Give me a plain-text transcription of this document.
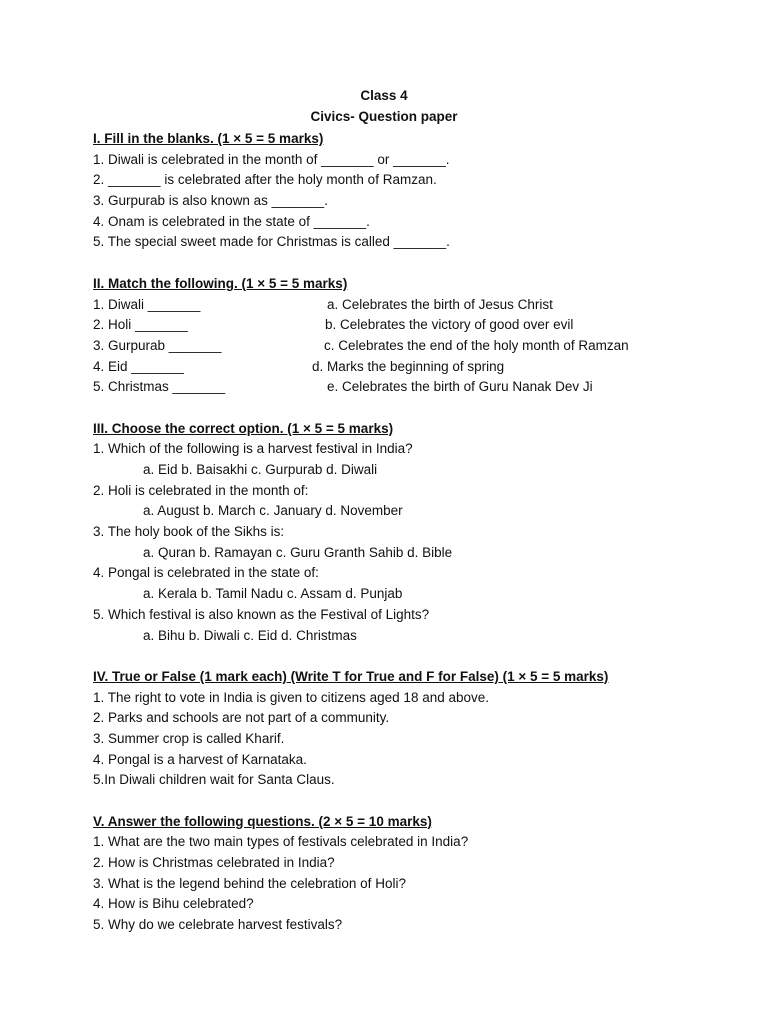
Class 4
Civics- Question paper
I. Fill in the blanks. (1 × 5 = 5 marks)
1. Diwali is celebrated in the month of _______ or _______.
2. _______ is celebrated after the holy month of Ramzan.
3. Gurpurab is also known as _______.
4. Onam is celebrated in the state of _______.
5. The special sweet made for Christmas is called _______.
II. Match the following. (1 × 5 = 5 marks)
1. Diwali _______	a. Celebrates the birth of Jesus Christ
2. Holi _______	b. Celebrates the victory of good over evil
3. Gurpurab _______	c. Celebrates the end of the holy month of Ramzan
4. Eid _______	d. Marks the beginning of spring
5. Christmas _______	e. Celebrates the birth of Guru Nanak Dev Ji
III. Choose the correct option. (1 × 5 = 5 marks)
1. Which of the following is a harvest festival in India?
a. Eid b. Baisakhi c. Gurpurab d. Diwali
2. Holi is celebrated in the month of:
a. August b. March c. January d. November
3. The holy book of the Sikhs is:
a. Quran b. Ramayan c. Guru Granth Sahib d. Bible
4. Pongal is celebrated in the state of:
a. Kerala b. Tamil Nadu c. Assam d. Punjab
5. Which festival is also known as the Festival of Lights?
a. Bihu b. Diwali c. Eid d. Christmas
IV. True or False (1 mark each) (Write T for True and F for False) (1 × 5 = 5 marks)
1. The right to vote in India is given to citizens aged 18 and above.
2. Parks and schools are not part of a community.
3. Summer crop is called Kharif.
4. Pongal is a harvest of Karnataka.
5.In Diwali children wait for Santa Claus.
V. Answer the following questions. (2 × 5 = 10 marks)
1. What are the two main types of festivals celebrated in India?
2. How is Christmas celebrated in India?
3. What is the legend behind the celebration of Holi?
4. How is Bihu celebrated?
5. Why do we celebrate harvest festivals?
